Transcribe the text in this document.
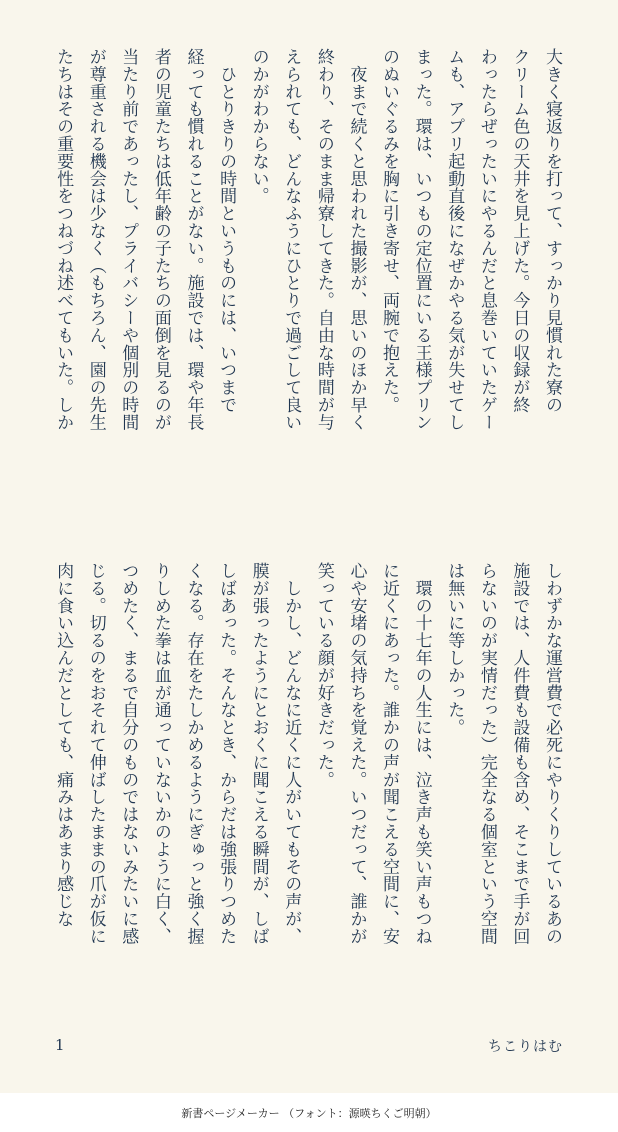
大きく寝返りを打って、すっかり見慣れた寮の
クリーム色の天井を見上げた。今日の収録が終
わったらぜったいにやるんだと息巻いていたゲー
ムも、アプリ起動直後になぜかやる気が失せてし
まった。環は、いつもの定位置にいる王様プリン
のぬいぐるみを胸に引き寄せ、両腕で抱えた。
　夜まで続くと思われた撮影が、思いのほか早く
終わり、そのまま帰寮してきた。自由な時間が与
えられても、どんなふうにひとりで過ごして良い
のかがわからない。
　ひとりきりの時間というものには、いつまで
経っても慣れることがない。施設では、環や年長
者の児童たちは低年齢の子たちの面倒を見るのが
当たり前であったし、プライバシーや個別の時間
が尊重される機会は少なく（もちろん、園の先生
たちはその重要性をつねづね述べてもいた。しか
しわずかな運営費で必死にやりくりしているあの
施設では、人件費も設備も含め、そこまで手が回
らないのが実情だった）完全なる個室という空間
は無いに等しかった。
　環の十七年の人生には、泣き声も笑い声もつね
に近くにあった。誰かの声が聞こえる空間に、安
心や安堵の気持ちを覚えた。いつだって、誰かが
笑っている顔が好きだった。
　しかし、どんなに近くに人がいてもその声が、
膜が張ったようにとおくに聞こえる瞬間が、しば
しばあった。そんなとき、からだは強張りつめた
くなる。存在をたしかめるようにぎゅっと強く握
りしめた拳は血が通っていないかのように白く、
つめたく、まるで自分のものではないみたいに感
じる。切るのをおそれて伸ばしたままの爪が仮に
肉に食い込んだとしても、痛みはあまり感じな
1	ちこりはむ
新書ページメーカー （フォント：源暎ちくご明朝）
